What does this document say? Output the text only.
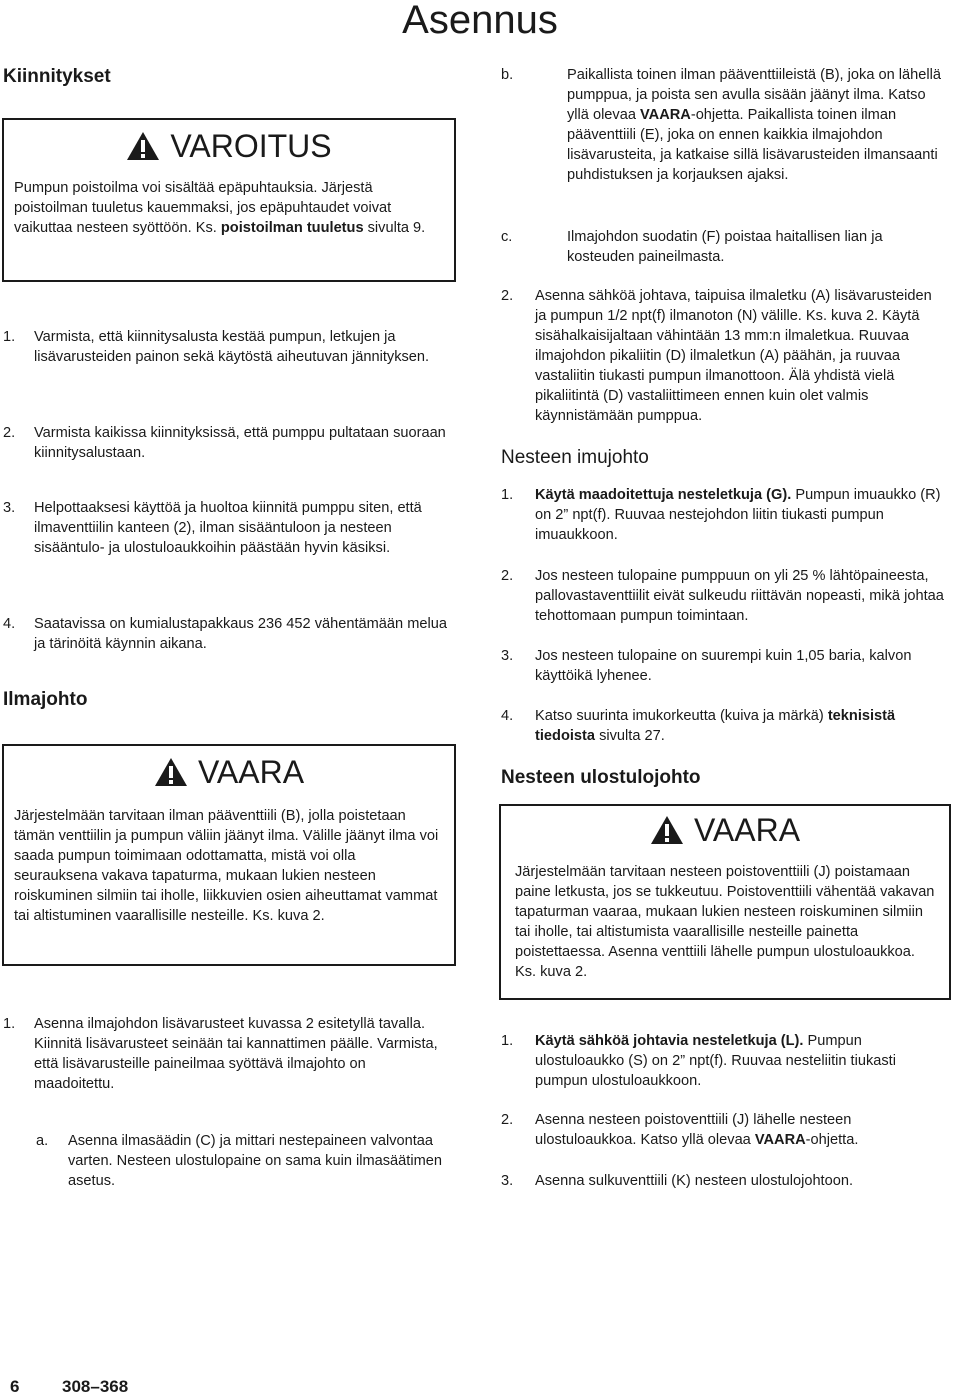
Asennus
Kiinnitykset
VAROITUS
Pumpun poistoilma voi sisältää epäpuhtauksia. Järjestä poistoilman tuuletus kauemmaksi, jos epäpuhtaudet voivat vaikuttaa nesteen syöttöön. Ks. poistoilman tuuletus sivulta 9.
1.	Varmista, että kiinnitysalusta kestää pumpun, letkujen ja lisävarusteiden painon sekä käytöstä aiheutuvan jännityksen.
2.	Varmista kaikissa kiinnityksissä, että pumppu pultataan suoraan kiinnitysalustaan.
3.	Helpottaaksesi käyttöä ja huoltoa kiinnitä pumppu siten, että ilmaventtiilin kanteen (2), ilman sisääntuloon ja nesteen sisääntulo- ja ulostuloaukkoihin päästään hyvin käsiksi.
4.	Saatavissa on kumialustapakkaus 236 452 vähentämään melua ja tärinöitä käynnin aikana.
Ilmajohto
VAARA
Järjestelmään tarvitaan ilman pääventtiili (B), jolla poistetaan tämän venttiilin ja pumpun väliin jäänyt ilma. Välille jäänyt ilma voi saada pumpun toimimaan odottamatta, mistä voi olla seurauksena vakava tapaturma, mukaan lukien nesteen roiskuminen silmiin tai iholle, liikkuvien osien aiheuttamat vammat tai altistuminen vaarallisille nesteille. Ks. kuva 2.
1.	Asenna ilmajohdon lisävarusteet kuvassa 2 esitetyllä tavalla. Kiinnitä lisävarusteet seinään tai kannattimen päälle. Varmista, että lisävarusteille paineilmaa syöttävä ilmajohto on maadoitettu.
a.	Asenna ilmasäädin (C) ja mittari nestepaineen valvontaa varten. Nesteen ulostulopaine on sama kuin ilmasäätimen asetus.
b.	Paikallista toinen ilman pääventtiileistä (B), joka on lähellä pumppua, ja poista sen avulla sisään jäänyt ilma. Katso yllä olevaa VAARA-ohjetta. Paikallista toinen ilman pääventtiili (E), joka on ennen kaikkia ilmajohdon lisävarusteita, ja katkaise sillä lisävarusteiden ilmansaanti puhdistuksen ja korjauksen ajaksi.
c.	Ilmajohdon suodatin (F) poistaa haitallisen lian ja kosteuden paineilmasta.
2.	Asenna sähköä johtava, taipuisa ilmaletku (A) lisävarusteiden ja pumpun 1/2 npt(f) ilmanoton (N) välille. Ks. kuva 2. Käytä sisähalkaisijaltaan vähintään 13 mm:n ilmaletkua. Ruuvaa ilmajohdon pikaliitin (D) ilmaletkun (A) päähän, ja ruuvaa vastaliitin tiukasti pumpun ilmanottoon. Älä yhdistä vielä pikaliitintä (D) vastaliittimeen ennen kuin olet valmis käynnistämään pumppua.
Nesteen imujohto
1.	Käytä maadoitettuja nesteletkuja (G). Pumpun imuaukko (R) on 2” npt(f). Ruuvaa nestejohdon liitin tiukasti pumpun imuaukkoon.
2.	Jos nesteen tulopaine pumppuun on yli 25 % lähtöpaineesta, pallovastaventtiilit eivät sulkeudu riittävän nopeasti, mikä johtaa tehottomaan pumpun toimintaan.
3.	Jos nesteen tulopaine on suurempi kuin 1,05 baria, kalvon käyttöikä lyhenee.
4.	Katso suurinta imukorkeutta (kuiva ja märkä) teknisistä tiedoista sivulta 27.
Nesteen ulostulojohto
VAARA
Järjestelmään tarvitaan nesteen poistoventtiili (J) poistamaan paine letkusta, jos se tukkeutuu. Poistoventtiili vähentää vakavan tapaturman vaaraa, mukaan lukien nesteen roiskuminen silmiin tai iholle, tai altistumista vaarallisille nesteille painetta poistettaessa. Asenna venttiili lähelle pumpun ulostuloaukkoa. Ks. kuva 2.
1.	Käytä sähköä johtavia nesteletkuja (L). Pumpun ulostuloaukko (S) on 2” npt(f). Ruuvaa nesteliitin tiukasti pumpun ulostuloaukkoon.
2.	Asenna nesteen poistoventtiili (J) lähelle nesteen ulostuloaukkoa. Katso yllä olevaa VAARA-ohjetta.
3.	Asenna sulkuventtiili (K) nesteen ulostulojohtoon.
6	308–368
